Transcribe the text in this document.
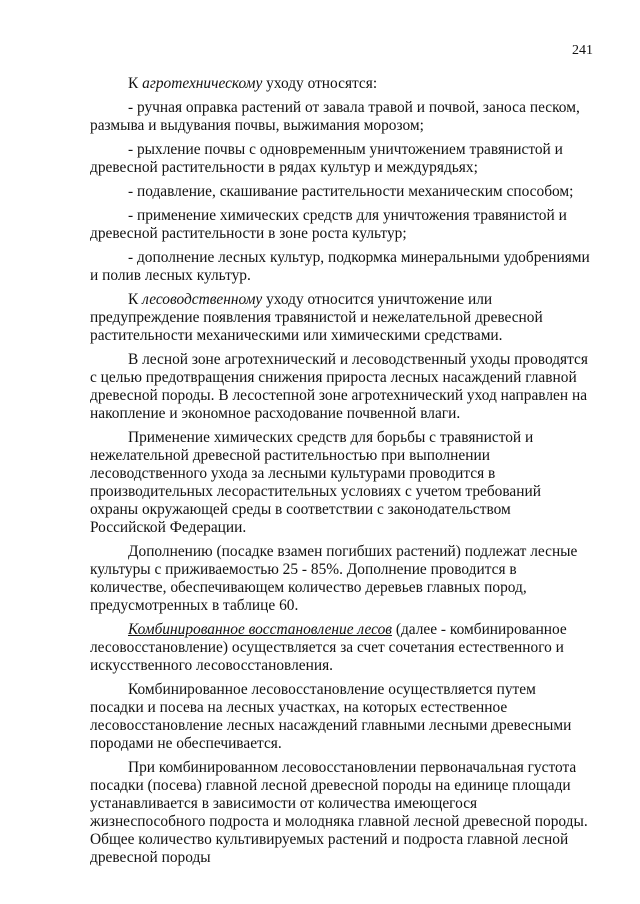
241

К агротехническому уходу относятся:

- ручная оправка растений от завала травой и почвой, заноса песком, размыва и выдувания почвы, выжимания морозом;

- рыхление почвы с одновременным уничтожением травянистой и древесной растительности в рядах культур и междурядьях;

- подавление, скашивание растительности механическим способом;

- применение химических средств для уничтожения травянистой и древесной растительности в зоне роста культур;

- дополнение лесных культур, подкормка минеральными удобрениями и полив лесных культур.

К лесоводственному уходу относится уничтожение или предупреждение появления травянистой и нежелательной древесной растительности механическими или химическими средствами.

В лесной зоне агротехнический и лесоводственный уходы проводятся с целью предотвращения снижения прироста лесных насаждений главной древесной породы. В лесостепной зоне агротехнический уход направлен на накопление и экономное расходование почвенной влаги.

Применение химических средств для борьбы с травянистой и нежелательной древесной растительностью при выполнении лесоводственного ухода за лесными культурами проводится в производительных лесорастительных условиях с учетом требований охраны окружающей среды в соответствии с законодательством Российской Федерации.

Дополнению (посадке взамен погибших растений) подлежат лесные культуры с приживаемостью 25 - 85%. Дополнение проводится в количестве, обеспечивающем количество деревьев главных пород, предусмотренных в таблице 60.

Комбинированное восстановление лесов (далее - комбинированное лесовосстановление) осуществляется за счет сочетания естественного и искусственного лесовосстановления.

Комбинированное лесовосстановление осуществляется путем посадки и посева на лесных участках, на которых естественное лесовосстановление лесных насаждений главными лесными древесными породами не обеспечивается.

При комбинированном лесовосстановлении первоначальная густота посадки (посева) главной лесной древесной породы на единице площади устанавливается в зависимости от количества имеющегося жизнеспособного подроста и молодняка главной лесной древесной породы. Общее количество культивируемых растений и подроста главной лесной древесной породы
